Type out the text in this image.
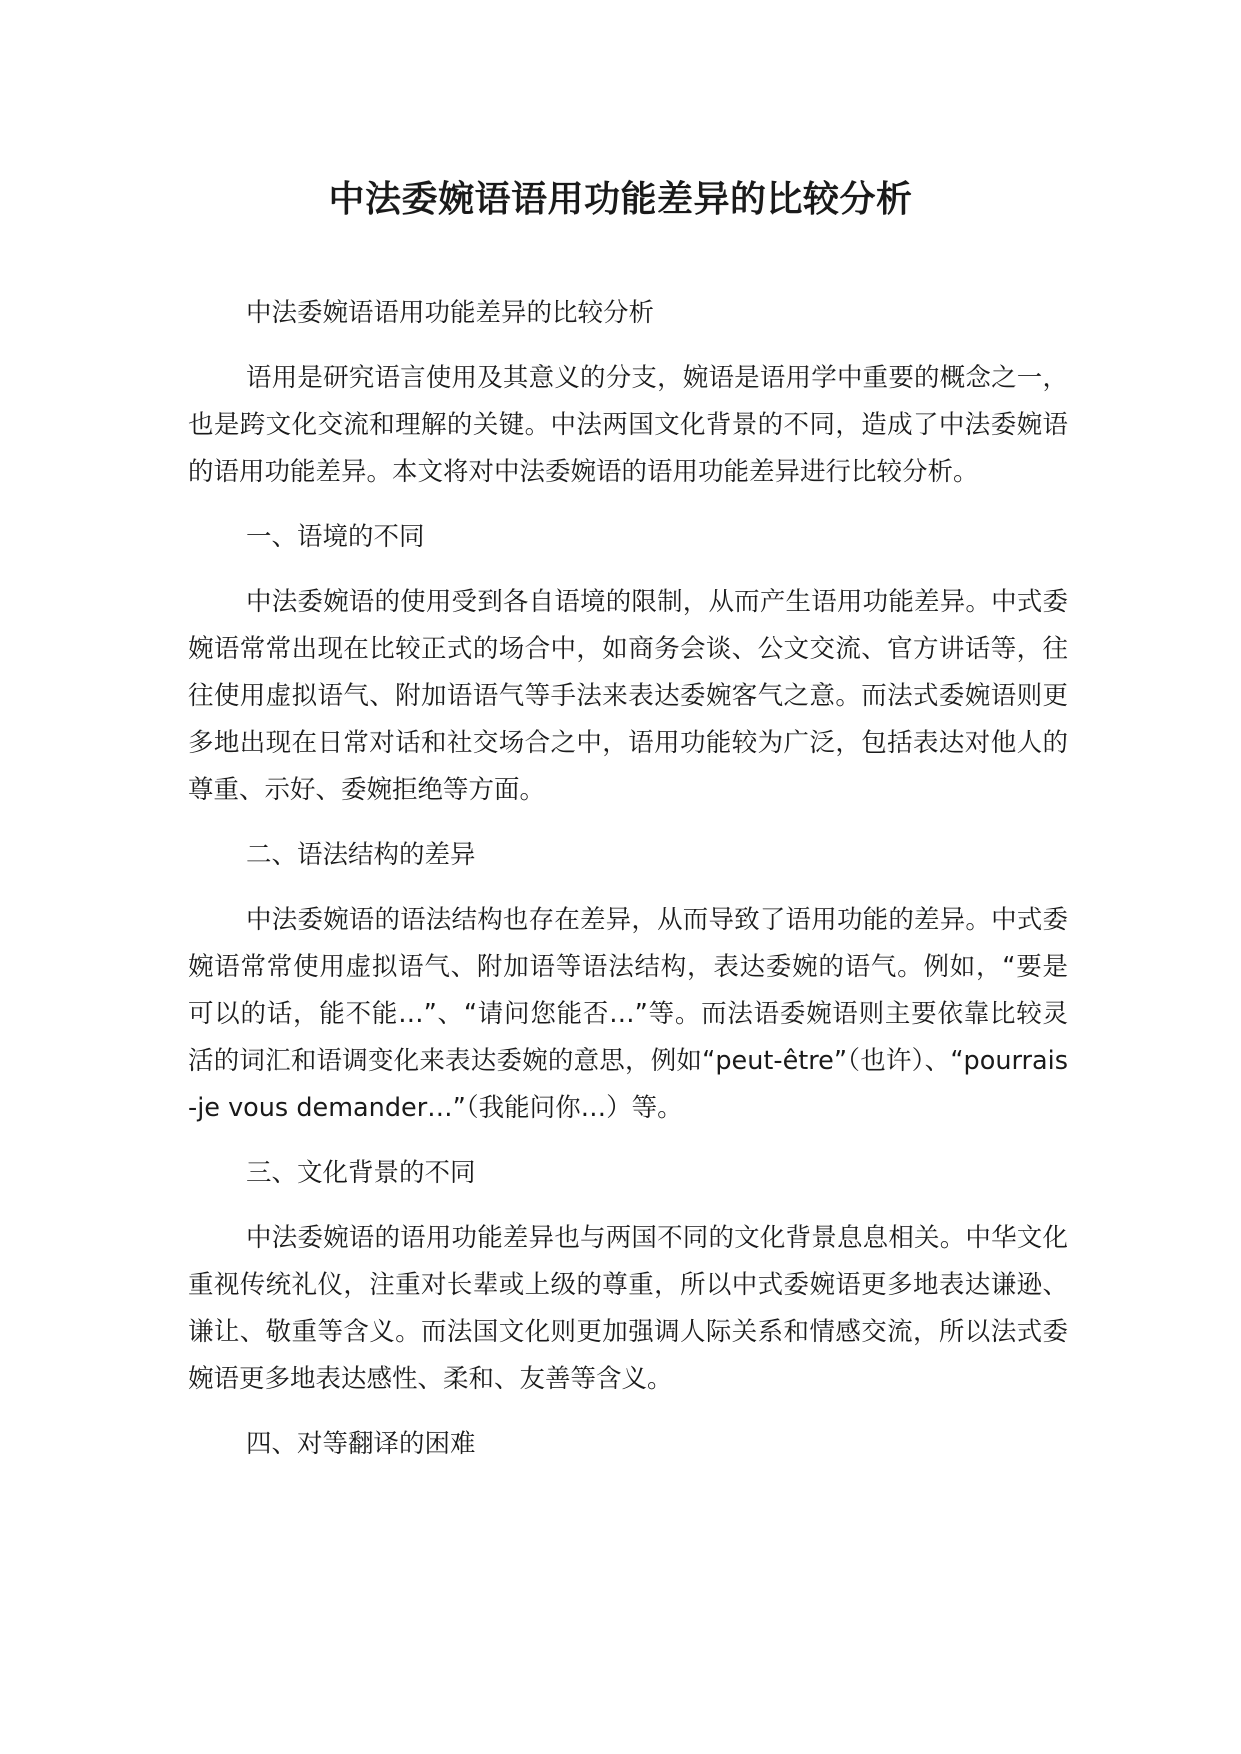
中法委婉语语用功能差异的比较分析

中法委婉语语用功能差异的比较分析

语用是研究语言使用及其意义的分支，婉语是语用学中重要的概念之一，也是跨文化交流和理解的关键。中法两国文化背景的不同，造成了中法委婉语的语用功能差异。本文将对中法委婉语的语用功能差异进行比较分析。

一、语境的不同

中法委婉语的使用受到各自语境的限制，从而产生语用功能差异。中式委婉语常常出现在比较正式的场合中，如商务会谈、公文交流、官方讲话等，往往使用虚拟语气、附加语语气等手法来表达委婉客气之意。而法式委婉语则更多地出现在日常对话和社交场合之中，语用功能较为广泛，包括表达对他人的尊重、示好、委婉拒绝等方面。

二、语法结构的差异

中法委婉语的语法结构也存在差异，从而导致了语用功能的差异。中式委婉语常常使用虚拟语气、附加语等语法结构，表达委婉的语气。例如，“要是可以的话，能不能…”、“请问您能否…”等。而法语委婉语则主要依靠比较灵活的词汇和语调变化来表达委婉的意思，例如“peut-être”（也许）、“pourrais-je vous demander…”（我能问你…）等。

三、文化背景的不同

中法委婉语的语用功能差异也与两国不同的文化背景息息相关。中华文化重视传统礼仪，注重对长辈或上级的尊重，所以中式委婉语更多地表达谦逊、谦让、敬重等含义。而法国文化则更加强调人际关系和情感交流，所以法式委婉语更多地表达感性、柔和、友善等含义。

四、对等翻译的困难
